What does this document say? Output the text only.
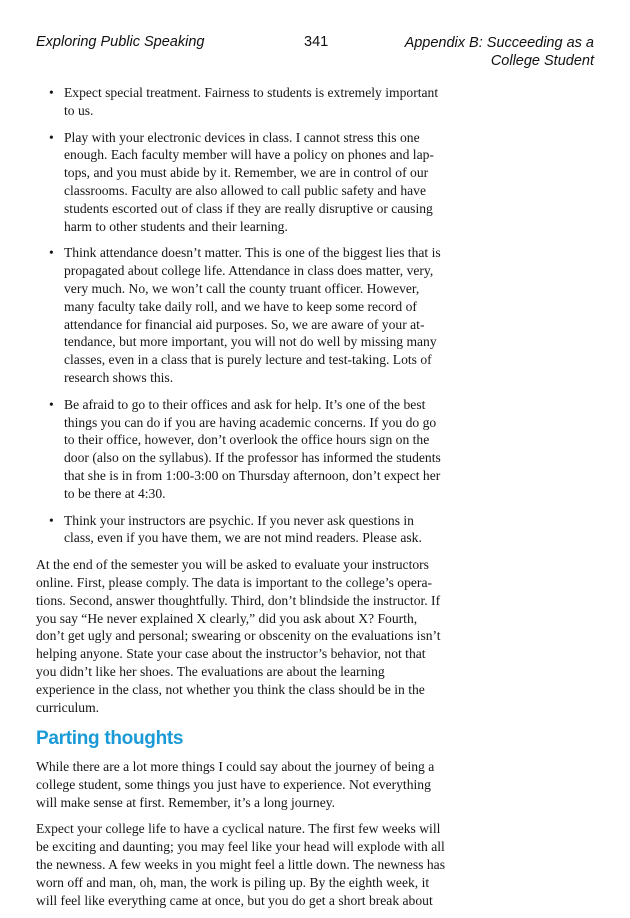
Exploring Public Speaking	341	Appendix B: Succeeding as a
College Student
• Expect special treatment. Fairness to students is extremely important to us.
• Play with your electronic devices in class. I cannot stress this one enough. Each faculty member will have a policy on phones and laptops, and you must abide by it. Remember, we are in control of our classrooms. Faculty are also allowed to call public safety and have students escorted out of class if they are really disruptive or causing harm to other students and their learning.
• Think attendance doesn’t matter. This is one of the biggest lies that is propagated about college life. Attendance in class does matter, very, very much. No, we won’t call the county truant officer. However, many faculty take daily roll, and we have to keep some record of attendance for financial aid purposes. So, we are aware of your attendance, but more important, you will not do well by missing many classes, even in a class that is purely lecture and test-taking. Lots of research shows this.
• Be afraid to go to their offices and ask for help. It’s one of the best things you can do if you are having academic concerns. If you do go to their office, however, don’t overlook the office hours sign on the door (also on the syllabus). If the professor has informed the students that she is in from 1:00-3:00 on Thursday afternoon, don’t expect her to be there at 4:30.
• Think your instructors are psychic. If you never ask questions in class, even if you have them, we are not mind readers. Please ask.

At the end of the semester you will be asked to evaluate your instructors online. First, please comply. The data is important to the college’s operations. Second, answer thoughtfully. Third, don’t blindside the instructor. If you say “He never explained X clearly,” did you ask about X? Fourth, don’t get ugly and personal; swearing or obscenity on the evaluations isn’t helping anyone. State your case about the instructor’s behavior, not that you didn’t like her shoes. The evaluations are about the learning experience in the class, not whether you think the class should be in the curriculum.

Parting thoughts

While there are a lot more things I could say about the journey of being a college student, some things you just have to experience. Not everything will make sense at first. Remember, it’s a long journey.

Expect your college life to have a cyclical nature. The first few weeks will be exciting and daunting; you may feel like your head will explode with all the newness. A few weeks in you might feel a little down. The newness has worn off and man, oh, man, the work is piling up. By the eighth week, it will feel like everything came at once, but you do get a short break about
